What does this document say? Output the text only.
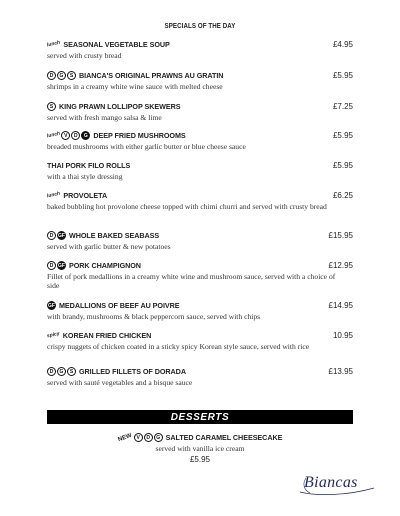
SPECIALS OF THE DAY
lunch SEASONAL VEGETABLE SOUP	£4.95
served with crusty bread
D	G	S BIANCA'S ORIGINAL PRAWNS AU GRATIN	£5.95
shrimps in a creamy white wine sauce with melted cheese
S KING PRAWN LOLLIPOP SKEWERS	£7.25
served with fresh mango salsa & lime
lunch V	D	G DEEP FRIED MUSHROOMS	£5.95
breaded mushrooms with either garlic butter or blue cheese sauce
THAI PORK FILO ROLLS	£5.95
with a thai style dressing
lunch PROVOLETA	£6.25
baked bubbling hot provolone cheese topped with chimi churri and served with crusty bread
D GF WHOLE BAKED SEABASS	£15.95
served with garlic butter & new potatoes
D GF PORK CHAMPIGNON	£12.95
Fillet of pork medallions in a creamy white wine and mushroom sauce, served with a choice of side
GF MEDALLIONS OF BEEF AU POIVRE	£14.95
with brandy, mushrooms & black peppercorn sauce, served with chips
spicy KOREAN FRIED CHICKEN	10.95
crispy nuggets of chicken coated in a sticky spicy Korean style sauce, served with rice
D	G	S GRILLED FILLETS OF DORADA	£13.95
served with sauté vegetables and a bisque sauce
DESSERTS
NEW V	D	G SALTED CARAMEL CHEESECAKE
served with vanilla ice cream
£5.95
Biancas
